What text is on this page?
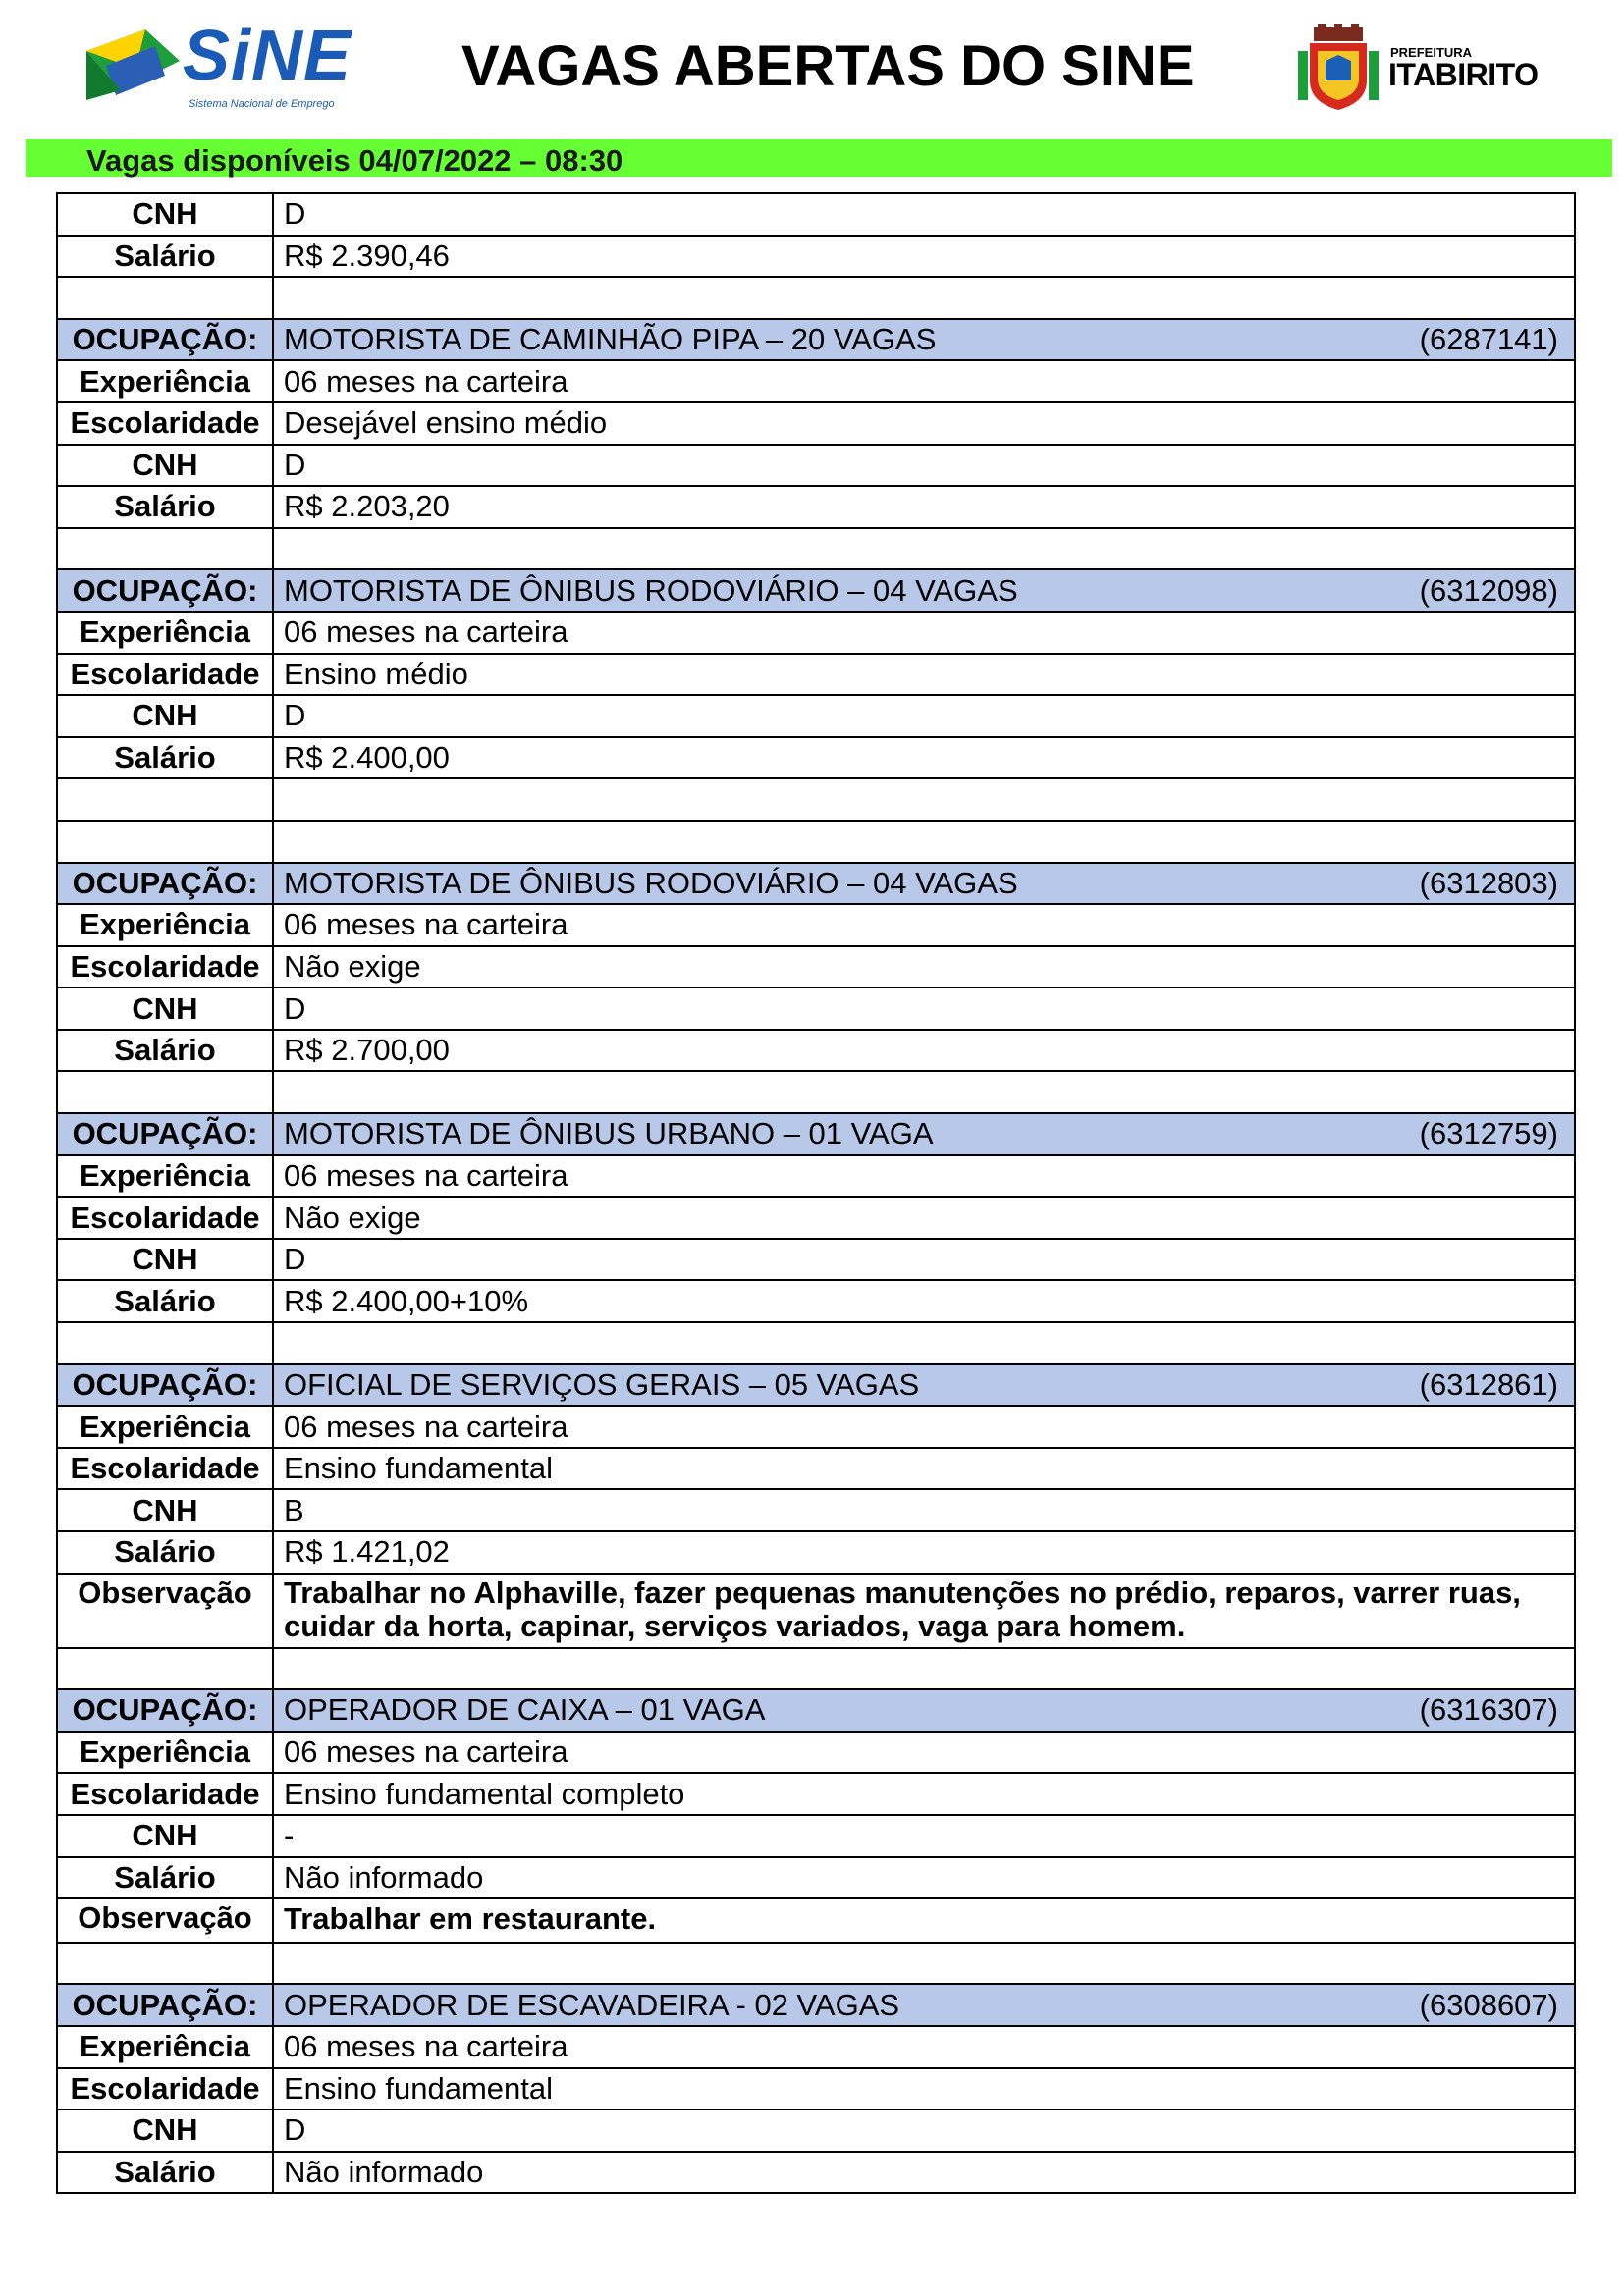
SiNE
Sistema Nacional de Emprego
VAGAS ABERTAS DO SINE	PREFEITURA
ITABIRITO
Vagas disponíveis 04/07/2022 – 08:30
CNH	D
Salário	R$ 2.390,46

OCUPAÇÃO:	MOTORISTA DE CAMINHÃO PIPA – 20 VAGAS (6287141)

Experiência	06 meses na carteira
Escolaridade	Desejável ensino médio
CNH	D
Salário	R$ 2.203,20

OCUPAÇÃO:	MOTORISTA DE ÔNIBUS RODOVIÁRIO – 04 VAGAS (6312098)

Experiência	06 meses na carteira
Escolaridade	Ensino médio
CNH	D
Salário	R$ 2.400,00

OCUPAÇÃO:	MOTORISTA DE ÔNIBUS RODOVIÁRIO – 04 VAGAS (6312803)

Experiência	06 meses na carteira
Escolaridade	Não exige
CNH	D
Salário	R$ 2.700,00

OCUPAÇÃO:	MOTORISTA DE ÔNIBUS URBANO – 01 VAGA (6312759)

Experiência	06 meses na carteira
Escolaridade	Não exige
CNH	D
Salário	R$ 2.400,00+10%

OCUPAÇÃO:	OFICIAL DE SERVIÇOS GERAIS – 05 VAGAS (6312861)

Experiência	06 meses na carteira
Escolaridade	Ensino fundamental
CNH	B
Salário	R$ 1.421,02
Observação	Trabalhar no Alphaville, fazer pequenas manutenções no prédio, reparos, varrer ruas, cuidar da horta, capinar, serviços variados, vaga para homem.

OCUPAÇÃO:	OPERADOR DE CAIXA – 01 VAGA (6316307)

Experiência	06 meses na carteira
Escolaridade	Ensino fundamental completo
CNH	-
Salário	Não informado
Observação	Trabalhar em restaurante.

OCUPAÇÃO:	OPERADOR DE ESCAVADEIRA - 02 VAGAS (6308607)

Experiência	06 meses na carteira
Escolaridade	Ensino fundamental
CNH	D
Salário	Não informado
